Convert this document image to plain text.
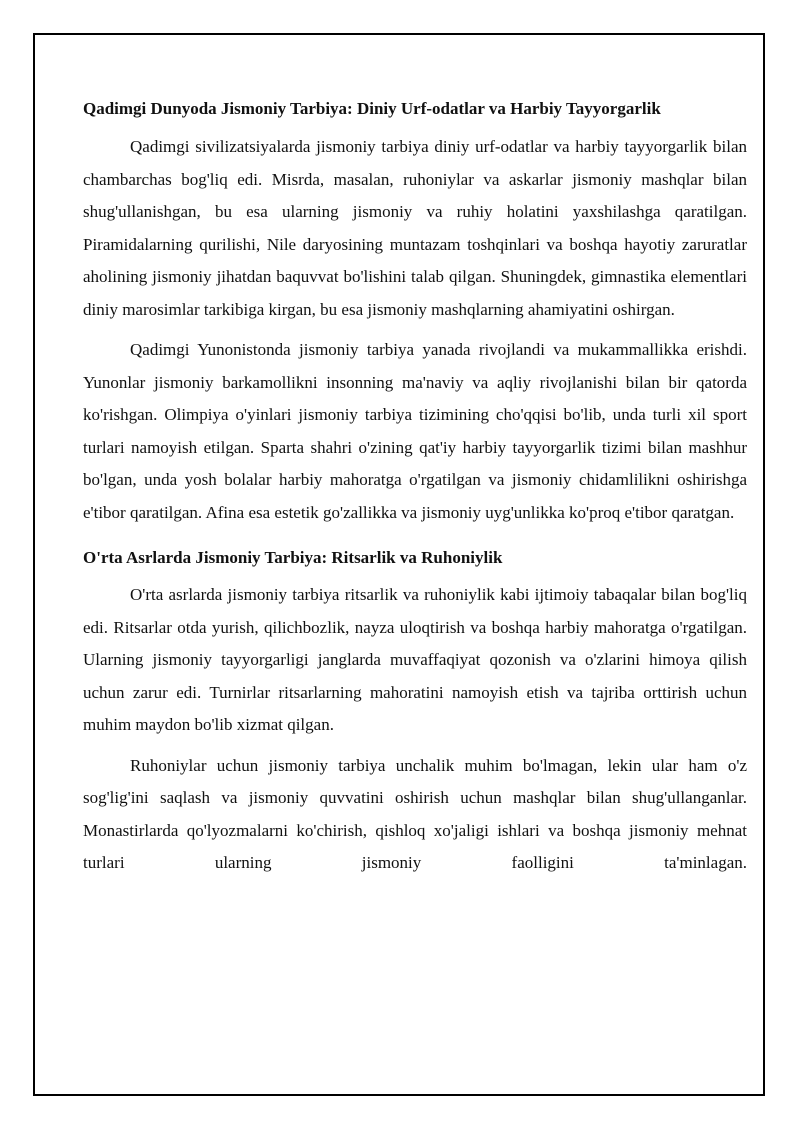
Qadimgi Dunyoda Jismoniy Tarbiya: Diniy Urf-odatlar va Harbiy Tayyorgarlik

Qadimgi sivilizatsiyalarda jismoniy tarbiya diniy urf-odatlar va harbiy tayyorgarlik bilan chambarchas bog'liq edi. Misrda, masalan, ruhoniylar va askarlar jismoniy mashqlar bilan shug'ullanishgan, bu esa ularning jismoniy va ruhiy holatini yaxshilashga qaratilgan. Piramidalarning qurilishi, Nile daryosining muntazam toshqinlari va boshqa hayotiy zaruratlar aholining jismoniy jihatdan baquvvat bo'lishini talab qilgan. Shuningdek, gimnastika elementlari diniy marosimlar tarkibiga kirgan, bu esa jismoniy mashqlarning ahamiyatini oshirgan.

Qadimgi Yunonistonda jismoniy tarbiya yanada rivojlandi va mukammallikka erishdi. Yunonlar jismoniy barkamollikni insonning ma'naviy va aqliy rivojlanishi bilan bir qatorda ko'rishgan. Olimpiya o'yinlari jismoniy tarbiya tizimining cho'qqisi bo'lib, unda turli xil sport turlari namoyish etilgan. Sparta shahri o'zining qat'iy harbiy tayyorgarlik tizimi bilan mashhur bo'lgan, unda yosh bolalar harbiy mahoratga o'rgatilgan va jismoniy chidamlilikni oshirishga e'tibor qaratilgan. Afina esa estetik go'zallikka va jismoniy uyg'unlikka ko'proq e'tibor qaratgan.

O'rta Asrlarda Jismoniy Tarbiya: Ritsarlik va Ruhoniylik

O'rta asrlarda jismoniy tarbiya ritsarlik va ruhoniylik kabi ijtimoiy tabaqalar bilan bog'liq edi. Ritsarlar otda yurish, qilichbozlik, nayza uloqtirish va boshqa harbiy mahoratga o'rgatilgan. Ularning jismoniy tayyorgarligi janglarda muvaffaqiyat qozonish va o'zlarini himoya qilish uchun zarur edi. Turnirlar ritsarlarning mahoratini namoyish etish va tajriba orttirish uchun muhim maydon bo'lib xizmat qilgan.

Ruhoniylar uchun jismoniy tarbiya unchalik muhim bo'lmagan, lekin ular ham o'z sog'lig'ini saqlash va jismoniy quvvatini oshirish uchun mashqlar bilan shug'ullanganlar. Monastirlarda qo'lyozmalarni ko'chirish, qishloq xo'jaligi ishlari va boshqa jismoniy mehnat turlari ularning jismoniy faolligini ta'minlagan.
